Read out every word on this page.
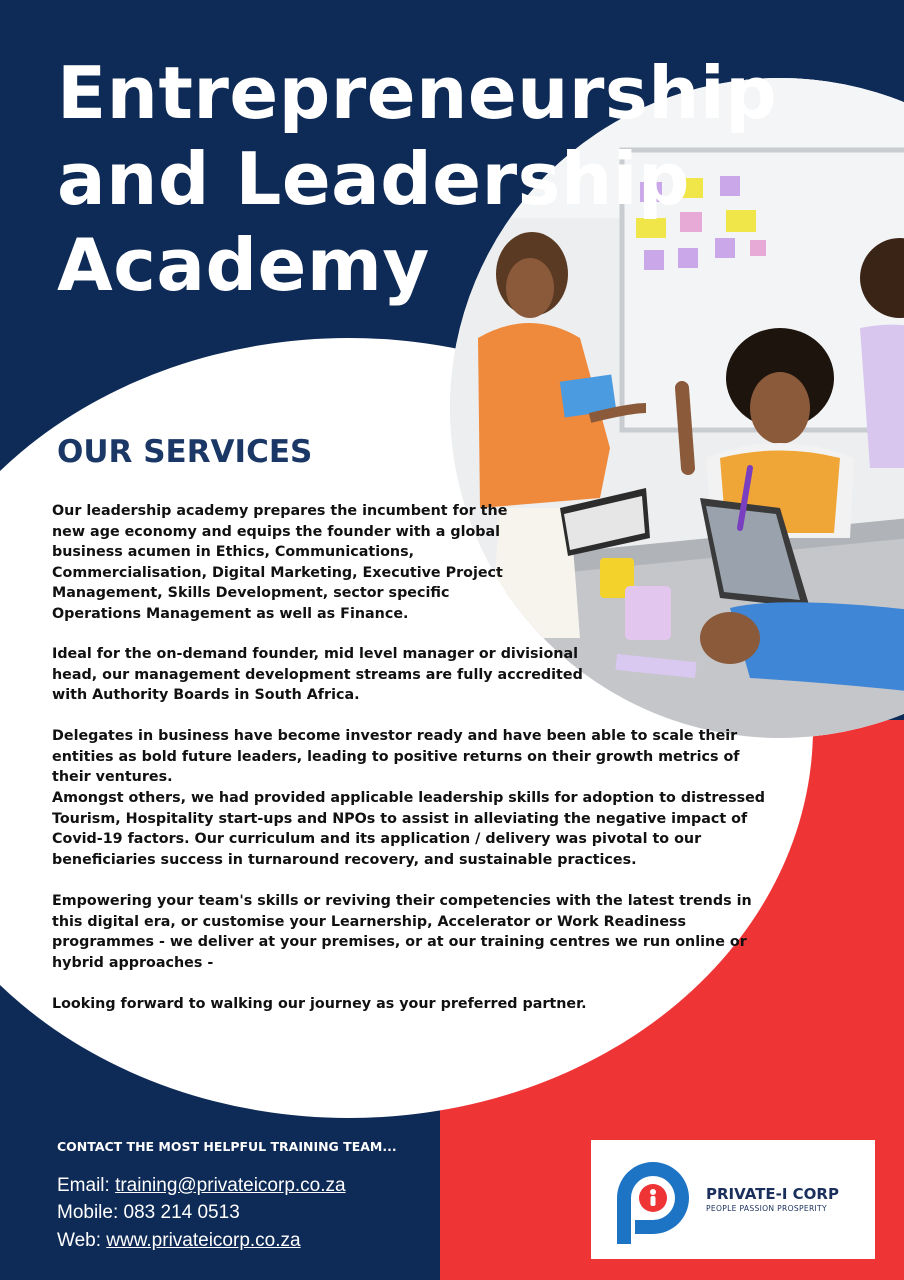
Entrepreneurship and Leadership Academy
OUR SERVICES
Our leadership academy prepares the incumbent for the new age economy and equips the founder with a global business acumen in Ethics, Communications, Commercialisation, Digital Marketing, Executive Project Management, Skills Development, sector specific Operations Management as well as Finance.
Ideal for the on-demand founder, mid level manager or divisional head, our management development streams are fully accredited with Authority Boards in South Africa.
Delegates in business have become investor ready and have been able to scale their entities as bold future leaders, leading to positive returns on their growth metrics of their ventures.
Amongst others, we had provided applicable leadership skills for adoption to distressed Tourism, Hospitality start-ups and NPOs to assist in alleviating the negative impact of Covid-19 factors. Our curriculum and its application / delivery was pivotal to our beneficiaries success in turnaround recovery, and sustainable practices.
Empowering your team's skills or reviving their competencies with the latest trends in this digital era, or customise your Learnership, Accelerator or Work Readiness programmes - we deliver at your premises, or at our training centres we run online or hybrid approaches -
Looking forward to walking our journey as your preferred partner.
CONTACT THE MOST HELPFUL TRAINING TEAM...
Email: training@privateicorp.co.za
Mobile: 083 214 0513
Web: www.privateicorp.co.za
PRIVATE-I CORP
PEOPLE PASSION PROSPERITY
